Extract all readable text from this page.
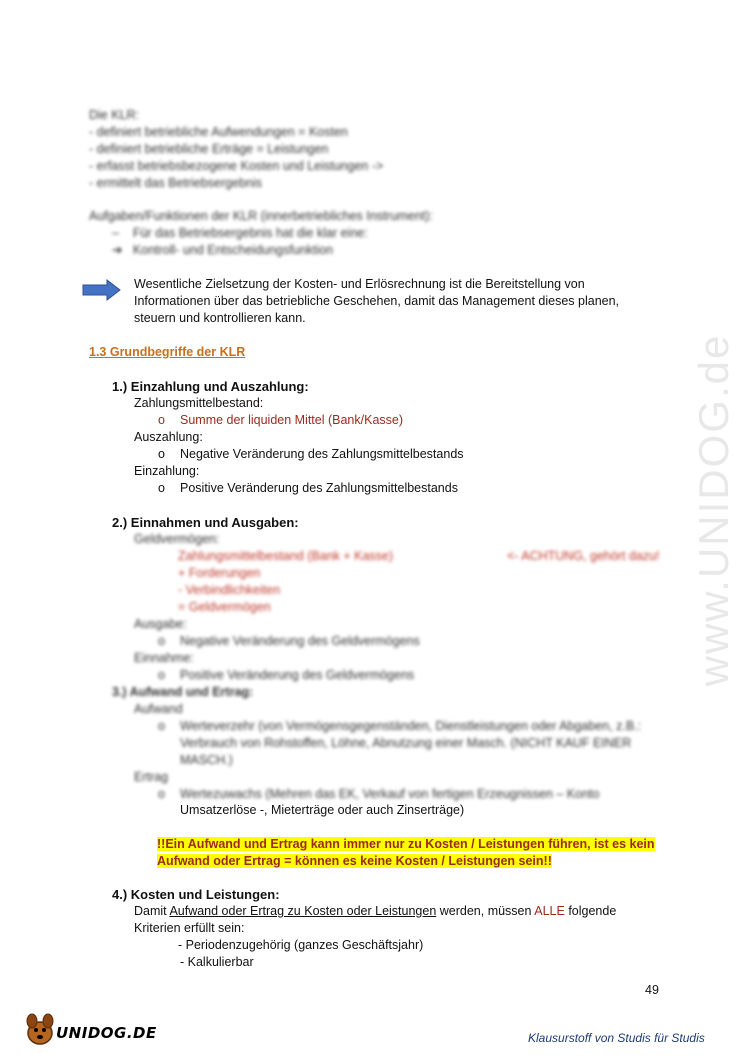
www.UNIDOG.de
Die KLR:
- definiert betriebliche Aufwendungen = Kosten
- definiert betriebliche Erträge = Leistungen
- erfasst betriebsbezogene Kosten und Leistungen ->
- ermittelt das Betriebsergebnis
Aufgaben/Funktionen der KLR (innerbetriebliches Instrument):
–    Für das Betriebsergebnis hat die klar eine:
➔   Kontroll- und Entscheidungsfunktion
Wesentliche Zielsetzung der Kosten- und Erlösrechnung ist die Bereitstellung von
Informationen über das betriebliche Geschehen, damit das Management dieses planen,
steuern und kontrollieren kann.
1.3 Grundbegriffe der KLR
1.) Einzahlung und Auszahlung:
Zahlungsmittelbestand:
o Summe der liquiden Mittel (Bank/Kasse)
Auszahlung:
o Negative Veränderung des Zahlungsmittelbestands
Einzahlung:
o Positive Veränderung des Zahlungsmittelbestands
2.) Einnahmen und Ausgaben:
Geldvermögen:
Zahlungsmittelbestand (Bank + Kasse)	<- ACHTUNG, gehört dazu!
+ Forderungen
- Verbindlichkeiten
= Geldvermögen
Ausgabe:
o Negative Veränderung des Geldvermögens
Einnahme:
o Positive Veränderung des Geldvermögens
3.) Aufwand und Ertrag:
Aufwand
o Werteverzehr (von Vermögensgegenständen, Dienstleistungen oder Abgaben, z.B.:
Verbrauch von Rohstoffen, Löhne, Abnutzung einer Masch. (NICHT KAUF EINER
MASCH.)
Ertrag
o Wertezuwachs (Mehren das EK, Verkauf von fertigen Erzeugnissen – Konto
Umsatzerlöse -, Mieterträge oder auch Zinserträge)
!!Ein Aufwand und Ertrag kann immer nur zu Kosten / Leistungen führen, ist es kein
Aufwand oder Ertrag = können es keine Kosten / Leistungen sein!!
4.) Kosten und Leistungen:
Damit Aufwand oder Ertrag zu Kosten oder Leistungen werden, müssen ALLE folgende
Kriterien erfüllt sein:
- Periodenzugehörig (ganzes Geschäftsjahr)
- Kalkulierbar
49
UNIDOG.DE	Klausurstoff von Studis für Studis
